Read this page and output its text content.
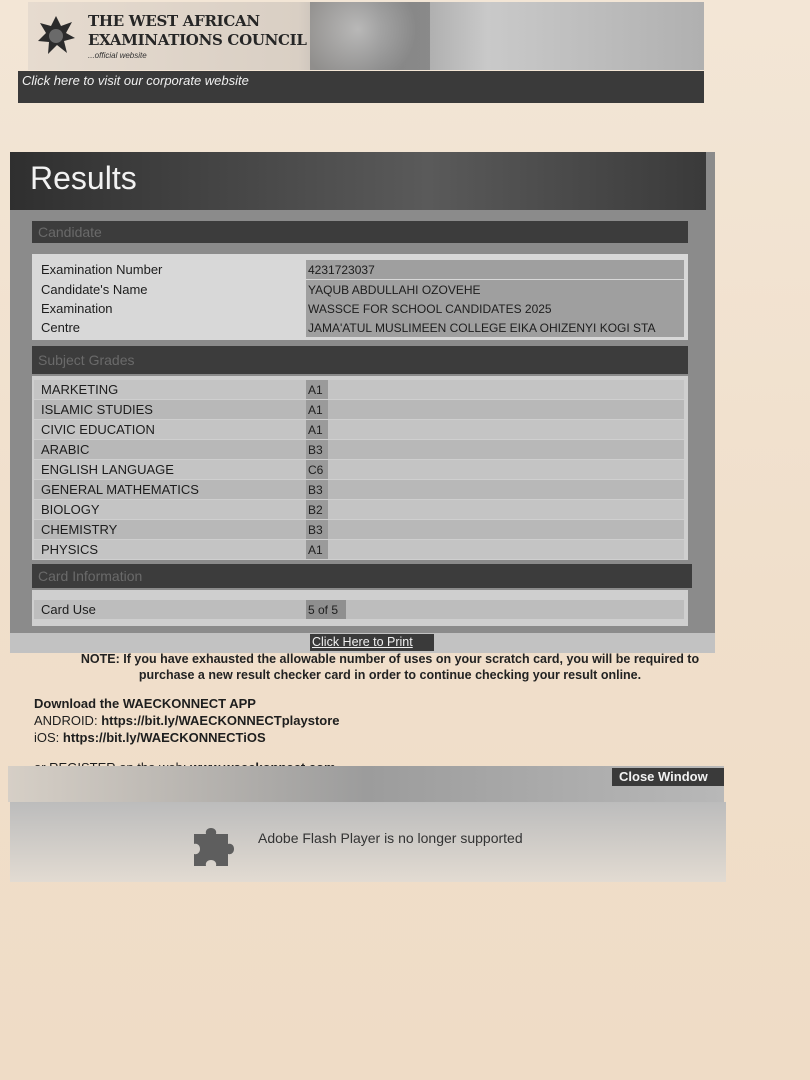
THE WEST AFRICAN
EXAMINATIONS COUNCIL
...official website
Click here to visit our corporate website
Results
Candidate
Examination Number	4231723037
Candidate's Name	YAQUB ABDULLAHI OZOVEHE
Examination	WASSCE FOR SCHOOL CANDIDATES 2025
Centre	JAMA'ATUL MUSLIMEEN COLLEGE EIKA OHIZENYI KOGI STA
Subject Grades
MARKETING	A1
ISLAMIC STUDIES	A1
CIVIC EDUCATION	A1
ARABIC	B3
ENGLISH LANGUAGE	C6
GENERAL MATHEMATICS	B3
BIOLOGY	B2
CHEMISTRY	B3
PHYSICS	A1
Card Information
Card Use	5 of 5
Click Here to Print
NOTE: If you have exhausted the allowable number of uses on your scratch card, you will be required to purchase a new result checker card in order to continue checking your result online.
Download the WAECKONNECT APP
ANDROID: https://bit.ly/WAECKONNECTplaystore
iOS: https://bit.ly/WAECKONNECTiOS
Close Window
Adobe Flash Player is no longer supported
